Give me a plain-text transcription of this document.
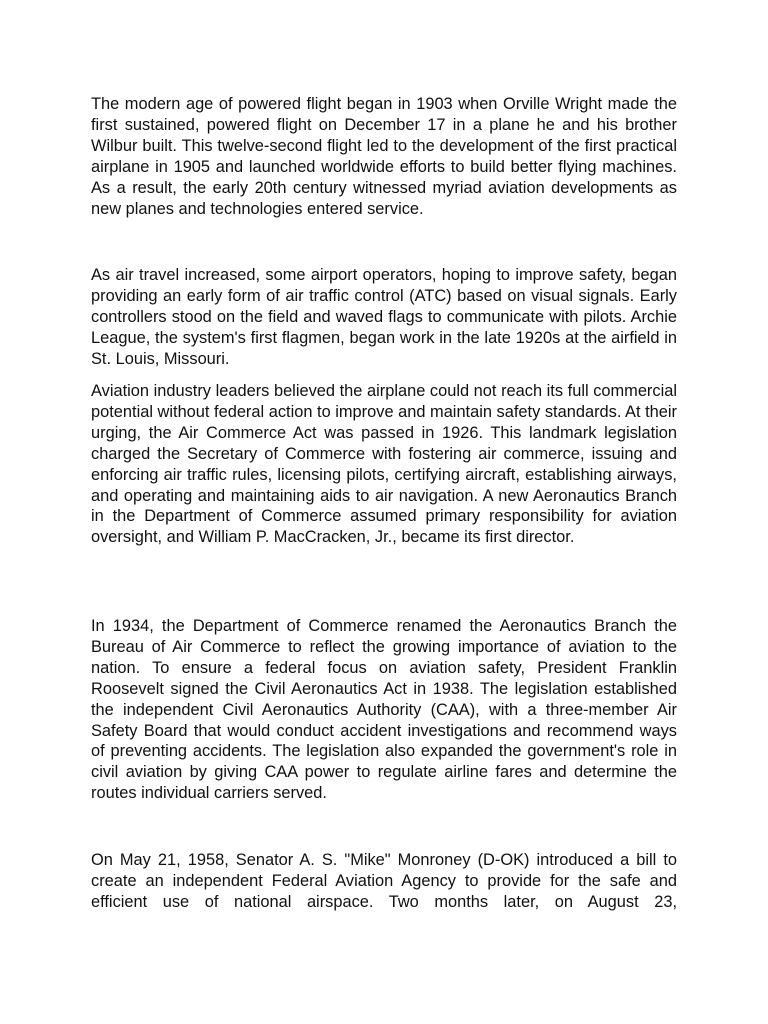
The modern age of powered flight began in 1903 when Orville Wright made the first sustained, powered flight on December 17 in a plane he and his brother Wilbur built. This twelve-second flight led to the development of the first practical airplane in 1905 and launched worldwide efforts to build better flying machines. As a result, the early 20th century witnessed myriad aviation developments as new planes and technologies entered service.

As air travel increased, some airport operators, hoping to improve safety, began providing an early form of air traffic control (ATC) based on visual signals. Early controllers stood on the field and waved flags to communicate with pilots. Archie League, the system's first flagmen, began work in the late 1920s at the airfield in St. Louis, Missouri.

Aviation industry leaders believed the airplane could not reach its full commercial potential without federal action to improve and maintain safety standards. At their urging, the Air Commerce Act was passed in 1926. This landmark legislation charged the Secretary of Commerce with fostering air commerce, issuing and enforcing air traffic rules, licensing pilots, certifying aircraft, establishing airways, and operating and maintaining aids to air navigation. A new Aeronautics Branch in the Department of Commerce assumed primary responsibility for aviation oversight, and William P. MacCracken, Jr., became its first director.

In 1934, the Department of Commerce renamed the Aeronautics Branch the Bureau of Air Commerce to reflect the growing importance of aviation to the nation. To ensure a federal focus on aviation safety, President Franklin Roosevelt signed the Civil Aeronautics Act in 1938. The legislation established the independent Civil Aeronautics Authority (CAA), with a three-member Air Safety Board that would conduct accident investigations and recommend ways of preventing accidents. The legislation also expanded the government's role in civil aviation by giving CAA power to regulate airline fares and determine the routes individual carriers served.

On May 21, 1958, Senator A. S. "Mike" Monroney (D-OK) introduced a bill to create an independent Federal Aviation Agency to provide for the safe and efficient use of national airspace. Two months later, on August 23,
